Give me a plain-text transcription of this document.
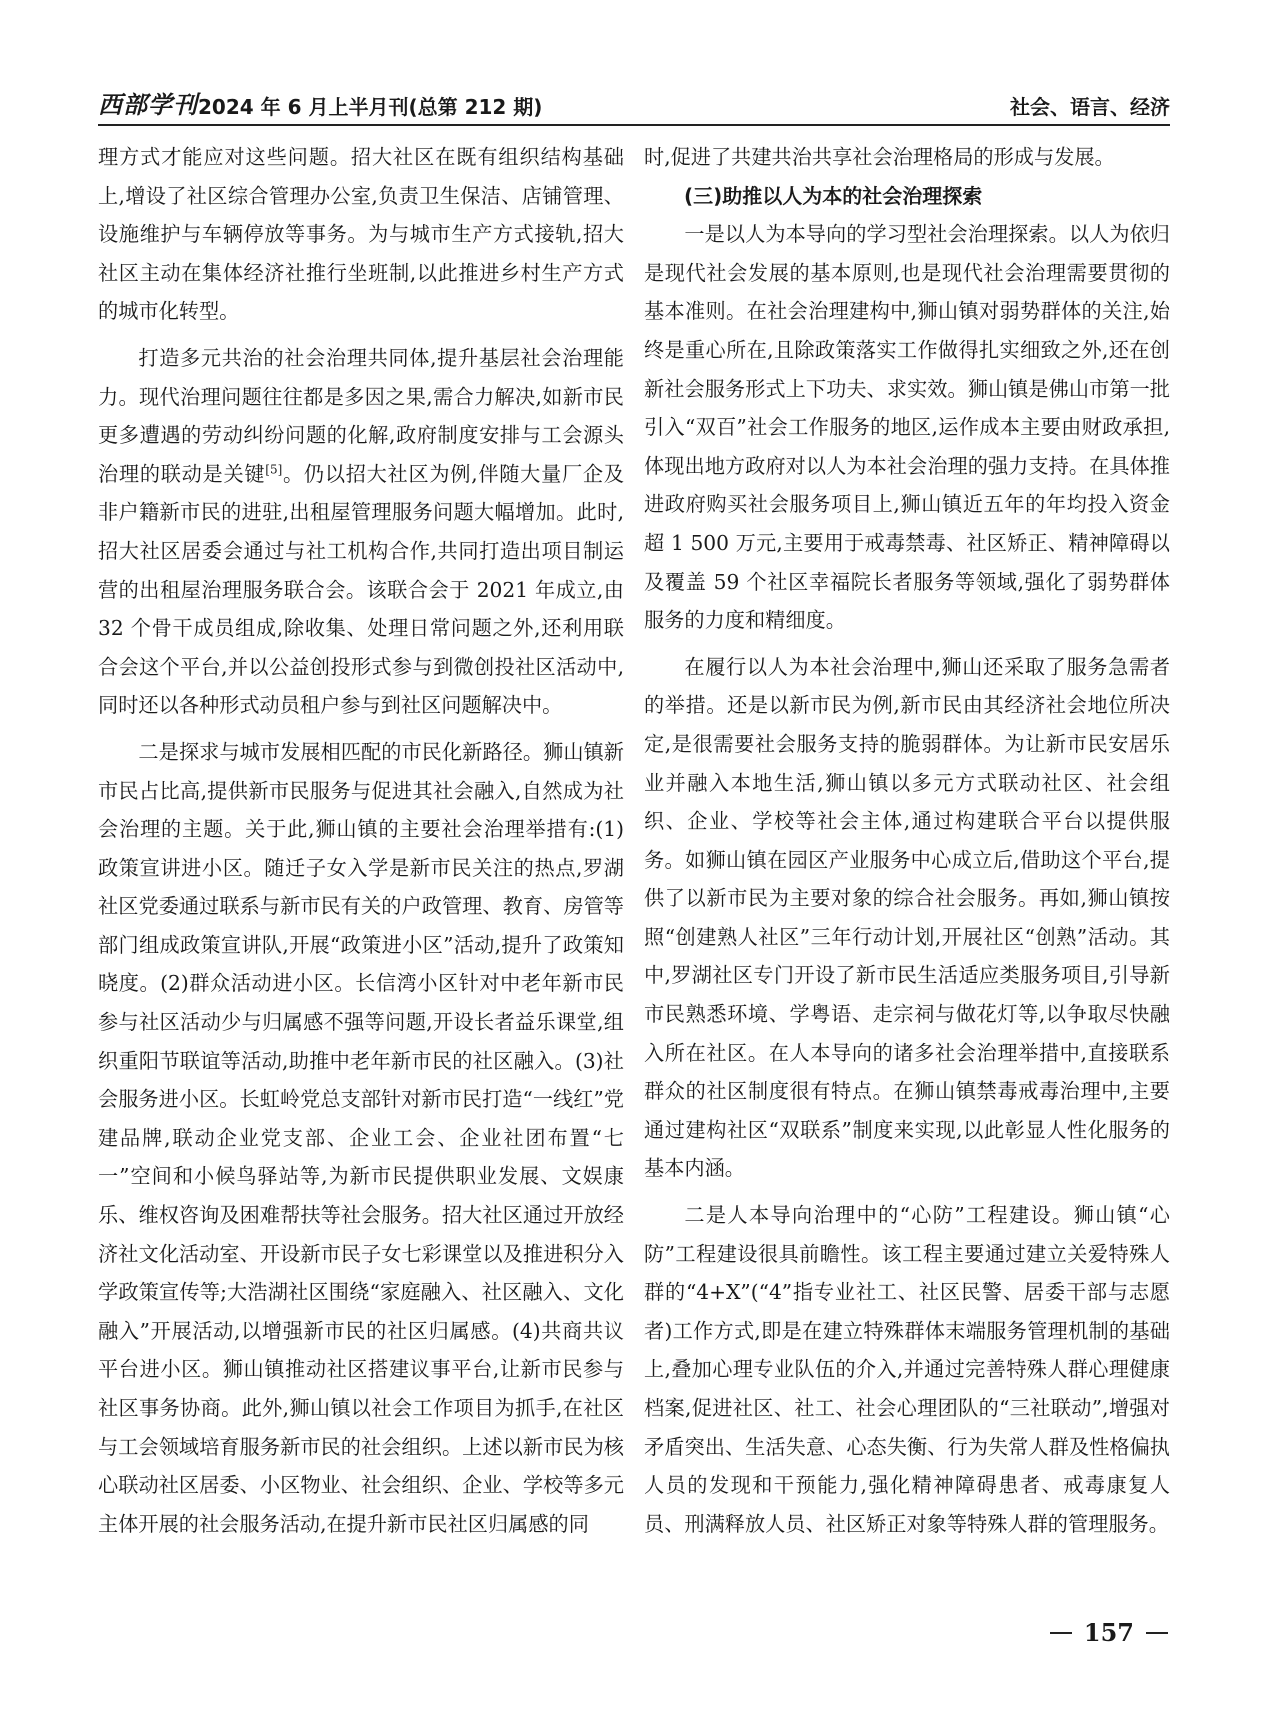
西部学刊 2024 年 6 月上半月刊(总第 212 期)	社会、语言、经济

理方式才能应对这些问题。招大社区在既有组织结构基础上,增设了社区综合管理办公室,负责卫生保洁、店铺管理、设施维护与车辆停放等事务。为与城市生产方式接轨,招大社区主动在集体经济社推行坐班制,以此推进乡村生产方式的城市化转型。

打造多元共治的社会治理共同体,提升基层社会治理能力。现代治理问题往往都是多因之果,需合力解决,如新市民更多遭遇的劳动纠纷问题的化解,政府制度安排与工会源头治理的联动是关键[5]。仍以招大社区为例,伴随大量厂企及非户籍新市民的进驻,出租屋管理服务问题大幅增加。此时,招大社区居委会通过与社工机构合作,共同打造出项目制运营的出租屋治理服务联合会。该联合会于 2021 年成立,由 32 个骨干成员组成,除收集、处理日常问题之外,还利用联合会这个平台,并以公益创投形式参与到微创投社区活动中,同时还以各种形式动员租户参与到社区问题解决中。

二是探求与城市发展相匹配的市民化新路径。狮山镇新市民占比高,提供新市民服务与促进其社会融入,自然成为社会治理的主题。关于此,狮山镇的主要社会治理举措有:(1)政策宣讲进小区。随迁子女入学是新市民关注的热点,罗湖社区党委通过联系与新市民有关的户政管理、教育、房管等部门组成政策宣讲队,开展“政策进小区”活动,提升了政策知晓度。(2)群众活动进小区。长信湾小区针对中老年新市民参与社区活动少与归属感不强等问题,开设长者益乐课堂,组织重阳节联谊等活动,助推中老年新市民的社区融入。(3)社会服务进小区。长虹岭党总支部针对新市民打造“一线红”党建品牌,联动企业党支部、企业工会、企业社团布置“七一”空间和小候鸟驿站等,为新市民提供职业发展、文娱康乐、维权咨询及困难帮扶等社会服务。招大社区通过开放经济社文化活动室、开设新市民子女七彩课堂以及推进积分入学政策宣传等;大浩湖社区围绕“家庭融入、社区融入、文化融入”开展活动,以增强新市民的社区归属感。(4)共商共议平台进小区。狮山镇推动社区搭建议事平台,让新市民参与社区事务协商。此外,狮山镇以社会工作项目为抓手,在社区与工会领域培育服务新市民的社会组织。上述以新市民为核心联动社区居委、小区物业、社会组织、企业、学校等多元主体开展的社会服务活动,在提升新市民社区归属感的同

时,促进了共建共治共享社会治理格局的形成与发展。

(三)助推以人为本的社会治理探索

一是以人为本导向的学习型社会治理探索。以人为依归是现代社会发展的基本原则,也是现代社会治理需要贯彻的基本准则。在社会治理建构中,狮山镇对弱势群体的关注,始终是重心所在,且除政策落实工作做得扎实细致之外,还在创新社会服务形式上下功夫、求实效。狮山镇是佛山市第一批引入“双百”社会工作服务的地区,运作成本主要由财政承担,体现出地方政府对以人为本社会治理的强力支持。在具体推进政府购买社会服务项目上,狮山镇近五年的年均投入资金超 1 500 万元,主要用于戒毒禁毒、社区矫正、精神障碍以及覆盖 59 个社区幸福院长者服务等领域,强化了弱势群体服务的力度和精细度。

在履行以人为本社会治理中,狮山还采取了服务急需者的举措。还是以新市民为例,新市民由其经济社会地位所决定,是很需要社会服务支持的脆弱群体。为让新市民安居乐业并融入本地生活,狮山镇以多元方式联动社区、社会组织、企业、学校等社会主体,通过构建联合平台以提供服务。如狮山镇在园区产业服务中心成立后,借助这个平台,提供了以新市民为主要对象的综合社会服务。再如,狮山镇按照“创建熟人社区”三年行动计划,开展社区“创熟”活动。其中,罗湖社区专门开设了新市民生活适应类服务项目,引导新市民熟悉环境、学粤语、走宗祠与做花灯等,以争取尽快融入所在社区。在人本导向的诸多社会治理举措中,直接联系群众的社区制度很有特点。在狮山镇禁毒戒毒治理中,主要通过建构社区“双联系”制度来实现,以此彰显人性化服务的基本内涵。

二是人本导向治理中的“心防”工程建设。狮山镇“心防”工程建设很具前瞻性。该工程主要通过建立关爱特殊人群的“4+X”(“4”指专业社工、社区民警、居委干部与志愿者)工作方式,即是在建立特殊群体末端服务管理机制的基础上,叠加心理专业队伍的介入,并通过完善特殊人群心理健康档案,促进社区、社工、社会心理团队的“三社联动”,增强对矛盾突出、生活失意、心态失衡、行为失常人群及性格偏执人员的发现和干预能力,强化精神障碍患者、戒毒康复人员、刑满释放人员、社区矫正对象等特殊人群的管理服务。

157
